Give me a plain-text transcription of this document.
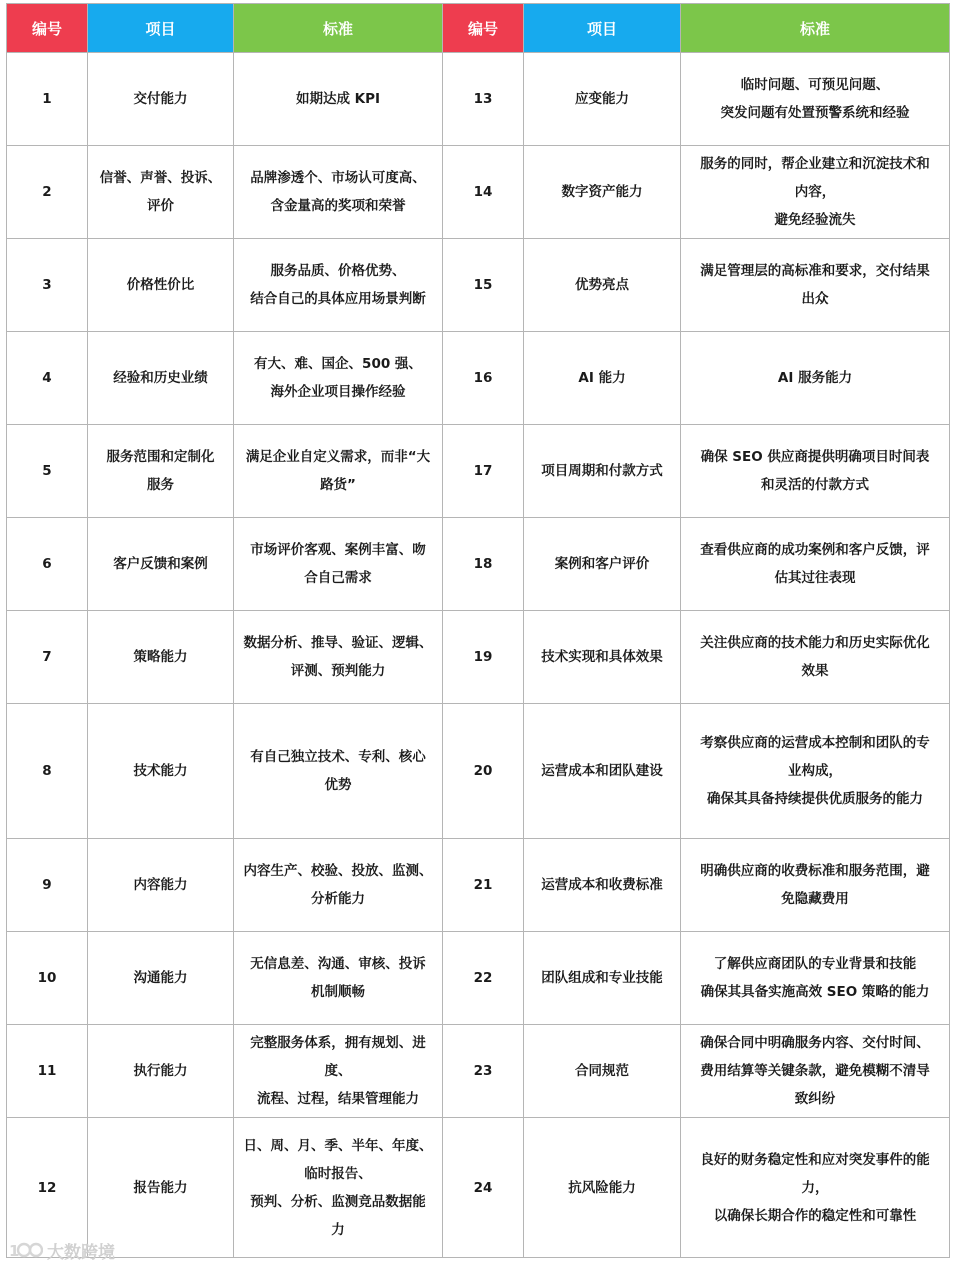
编号	项目	标准	编号	项目	标准
1	交付能力	如期达成 KPI	13	应变能力	临时问题、可预见问题、
突发问题有处置预警系统和经验

2	信誉、声誉、投诉、
评价	品牌渗透个、市场认可度高、
含金量高的奖项和荣誉	14	数字资产能力	服务的同时，帮企业建立和沉淀技术和
内容，
避免经验流失

3	价格性价比	服务品质、价格优势、
结合自己的具体应用场景判断	15	优势亮点	满足管理层的高标准和要求，交付结果
出众

4	经验和历史业绩	有大、难、国企、500 强、
海外企业项目操作经验	16	AI 能力	AI 服务能力

5	服务范围和定制化
服务	满足企业自定义需求，而非“大
路货”	17	项目周期和付款方式	确保 SEO 供应商提供明确项目时间表
和灵活的付款方式

6	客户反馈和案例	市场评价客观、案例丰富、吻
合自己需求	18	案例和客户评价	查看供应商的成功案例和客户反馈，评
估其过往表现

7	策略能力	数据分析、推导、验证、逻辑、
评测、预判能力	19	技术实现和具体效果	关注供应商的技术能力和历史实际优化
效果

8	技术能力	有自己独立技术、专利、核心
优势	20	运营成本和团队建设	考察供应商的运营成本控制和团队的专
业构成，
确保其具备持续提供优质服务的能力

9	内容能力	内容生产、校验、投放、监测、
分析能力	21	运营成本和收费标准	明确供应商的收费标准和服务范围，避
免隐藏费用

10	沟通能力	无信息差、沟通、审核、投诉
机制顺畅	22	团队组成和专业技能	了解供应商团队的专业背景和技能
确保其具备实施高效 SEO 策略的能力

11	执行能力	完整服务体系，拥有规划、进
度、
流程、过程，结果管理能力	23	合同规范	确保合同中明确服务内容、交付时间、
费用结算等关键条款，避免模糊不清导
致纠纷

12	报告能力	日、周、月、季、半年、年度、
临时报告、
预判、分析、监测竞品数据能
力	24	抗风险能力	良好的财务稳定性和应对突发事件的能
力，
以确保长期合作的稳定性和可靠性
1 大数跨境
